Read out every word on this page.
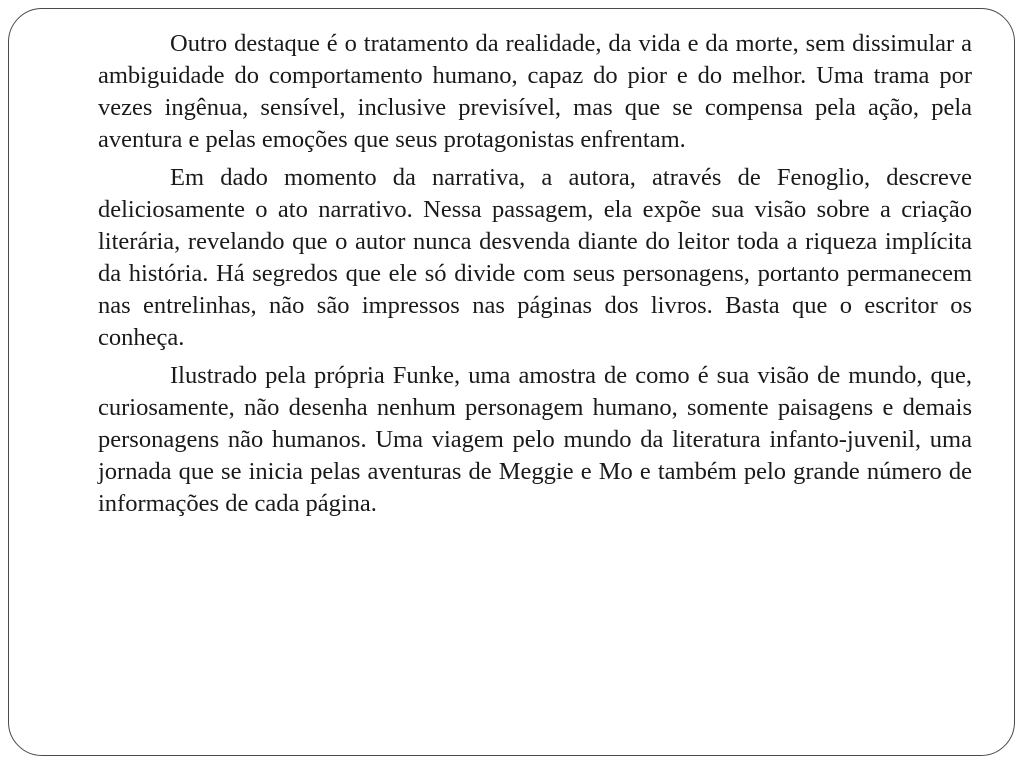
Outro destaque é o tratamento da realidade, da vida e da morte, sem dissimular a ambiguidade do comportamento humano, capaz do pior e do melhor. Uma trama por vezes ingênua, sensível, inclusive previsível, mas que se compensa pela ação, pela aventura e pelas emoções que seus protagonistas enfrentam.

Em dado momento da narrativa, a autora, através de Fenoglio, descreve deliciosamente o ato narrativo. Nessa passagem, ela expõe sua visão sobre a criação literária, revelando que o autor nunca desvenda diante do leitor toda a riqueza implícita da história. Há segredos que ele só divide com seus personagens, portanto permanecem nas entrelinhas, não são impressos nas páginas dos livros. Basta que o escritor os conheça.

Ilustrado pela própria Funke, uma amostra de como é sua visão de mundo, que, curiosamente, não desenha nenhum personagem humano, somente paisagens e demais personagens não humanos. Uma viagem pelo mundo da literatura infanto-juvenil, uma jornada que se inicia pelas aventuras de Meggie e Mo e também pelo grande número de informações de cada página.
